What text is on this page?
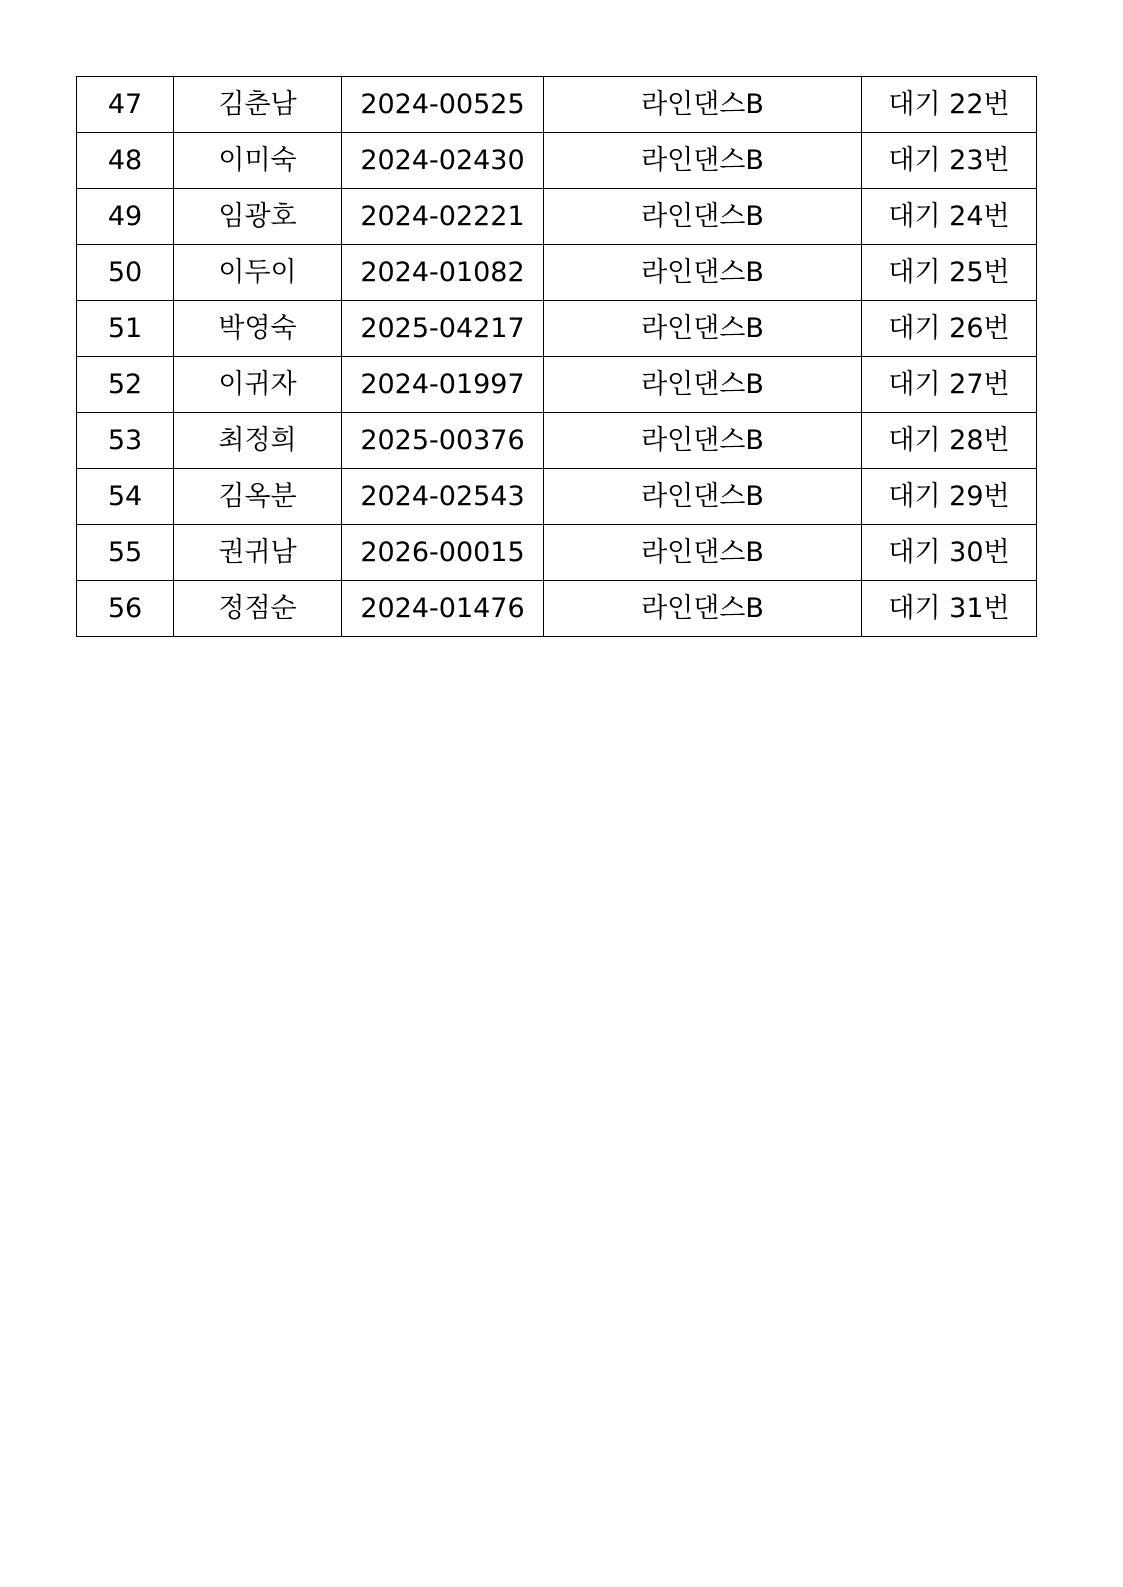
47	김춘남	2024-00525	라인댄스B	대기 22번
48	이미숙	2024-02430	라인댄스B	대기 23번
49	임광호	2024-02221	라인댄스B	대기 24번
50	이두이	2024-01082	라인댄스B	대기 25번
51	박영숙	2025-04217	라인댄스B	대기 26번
52	이귀자	2024-01997	라인댄스B	대기 27번
53	최정희	2025-00376	라인댄스B	대기 28번
54	김옥분	2024-02543	라인댄스B	대기 29번
55	권귀남	2026-00015	라인댄스B	대기 30번
56	정점순	2024-01476	라인댄스B	대기 31번
